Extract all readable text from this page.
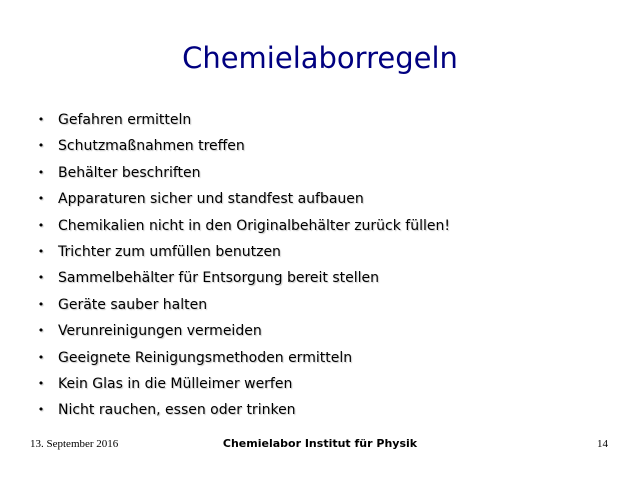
Chemielaborregeln
• Gefahren ermitteln
• Schutzmaßnahmen treffen
• Behälter beschriften
• Apparaturen sicher und standfest aufbauen
• Chemikalien nicht in den Originalbehälter zurück füllen!
• Trichter zum umfüllen benutzen
• Sammelbehälter für Entsorgung bereit stellen
• Geräte sauber halten
• Verunreinigungen vermeiden
• Geeignete Reinigungsmethoden ermitteln
• Kein Glas in die Mülleimer werfen
• Nicht rauchen, essen oder trinken
13. September 2016	Chemielabor Institut für Physik	14
